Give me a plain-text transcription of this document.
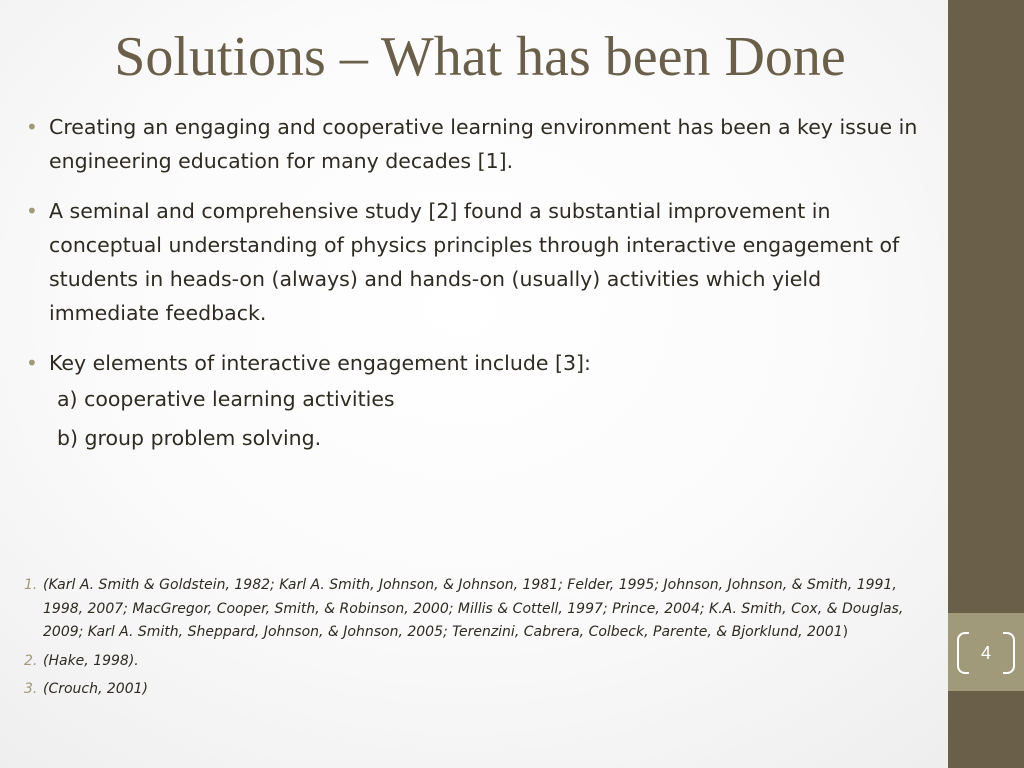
4
Solutions – What has been Done
• Creating an engaging and cooperative learning environment has been a key issue in engineering education for many decades [1].
• A seminal and comprehensive study [2] found a substantial improvement in conceptual understanding of physics principles through interactive engagement of students in heads-on (always) and hands-on (usually) activities which yield immediate feedback.
• Key elements of interactive engagement include [3]:
a) cooperative learning activities
b) group problem solving.
1. (Karl A. Smith & Goldstein, 1982; Karl A. Smith, Johnson, & Johnson, 1981; Felder, 1995; Johnson, Johnson, & Smith, 1991, 1998, 2007; MacGregor, Cooper, Smith, & Robinson, 2000; Millis & Cottell, 1997; Prince, 2004; K.A. Smith, Cox, & Douglas, 2009; Karl A. Smith, Sheppard, Johnson, & Johnson, 2005; Terenzini, Cabrera, Colbeck, Parente, & Bjorklund, 2001)
2. (Hake, 1998).
3. (Crouch, 2001)
